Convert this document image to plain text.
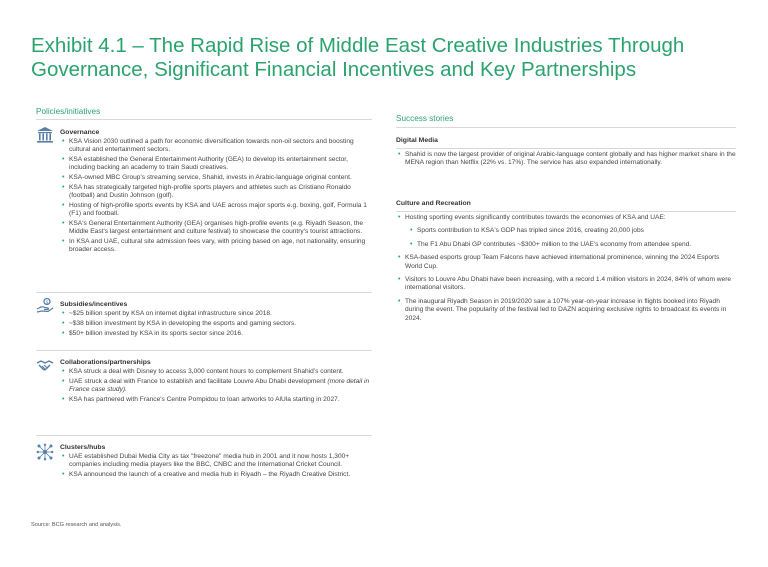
Exhibit 4.1 – The Rapid Rise of Middle East Creative Industries Through
Governance, Significant Financial Incentives and Key Partnerships
Policies/initiatives
Governance
• KSA Vision 2030 outlined a path for economic diversification towards non-oil sectors and boosting cultural and entertainment sectors.
• KSA established the General Entertainment Authority (GEA) to develop its entertainment sector, including backing an academy to train Saudi creatives.
• KSA-owned MBC Group's streaming service, Shahid, invests in Arabic-language original content.
• KSA has strategically targeted high-profile sports players and athletes such as Cristiano Ronaldo (football) and Dustin Johnson (golf).
• Hosting of high-profile sports events by KSA and UAE across major sports e.g. boxing, golf, Formula 1 (F1) and football.
• KSA's General Entertainment Authority (GEA) organises high-profile events (e.g. Riyadh Season, the Middle East's largest entertainment and culture festival) to showcase the country's tourist attractions.
• In KSA and UAE, cultural site admission fees vary, with pricing based on age, not nationality, ensuring broader access.
$ Subsidies/incentives
• ~$25 billion spent by KSA on internet digital infrastructure since 2018.
• ~$38 billion investment by KSA in developing the esports and gaming sectors.
• $50+ billion invested by KSA in its sports sector since 2016.
Collaborations/partnerships
• KSA struck a deal with Disney to access 3,000 content hours to complement Shahid's content.
• UAE struck a deal with France to establish and facilitate Louvre Abu Dhabi development (more detail in France case study).
• KSA has partnered with France's Centre Pompidou to loan artworks to AlUla starting in 2027.
Clusters/hubs
• UAE established Dubai Media City as tax "freezone" media hub in 2001 and it now hosts 1,300+ companies including media players like the BBC, CNBC and the International Cricket Council.
• KSA announced the launch of a creative and media hub in Riyadh – the Riyadh Creative District.
Success stories
Digital Media
• Shahid is now the largest provider of original Arabic-language content globally and has higher market share in the MENA region than Netflix (22% vs. 17%). The service has also expanded internationally.
Culture and Recreation
• Hosting sporting events significantly contributes towards the economies of KSA and UAE:
• Sports contribution to KSA's GDP has tripled since 2016, creating 20,000 jobs
• The F1 Abu Dhabi GP contributes ~$300+ million to the UAE's economy from attendee spend.
• KSA-based esports group Team Falcons have achieved international prominence, winning the 2024 Esports World Cup.
• Visitors to Louvre Abu Dhabi have been increasing, with a record 1.4 million visitors in 2024, 84% of whom were international visitors.
• The inaugural Riyadh Season in 2019/2020 saw a 107% year-on-year increase in flights booked into Riyadh during the event. The popularity of the festival led to DAZN acquiring exclusive rights to broadcast its events in 2024.
Source: BCG research and analysis.
